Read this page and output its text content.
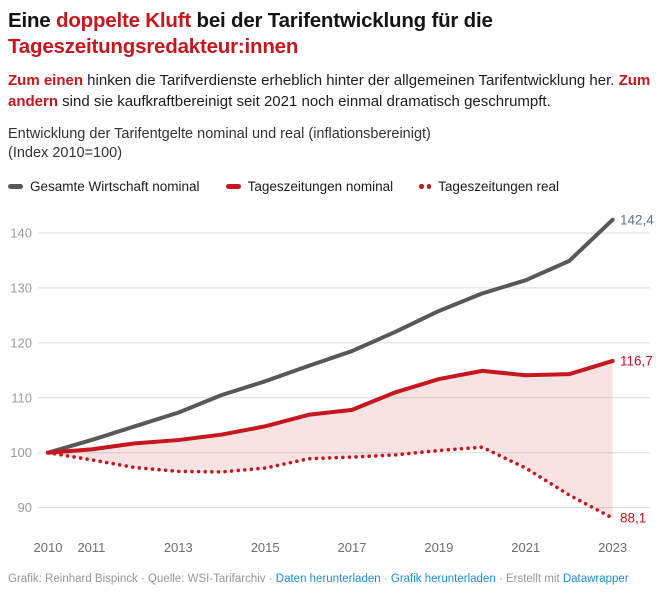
Eine doppelte Kluft bei der Tarifentwicklung für die Tageszeitungsredakteur:innen

Zum einen hinken die Tarifverdienste erheblich hinter der allgemeinen Tarifentwicklung her. Zum
andern sind sie kaufkraftbereinigt seit 2021 noch einmal dramatisch geschrumpft.

Entwicklung der Tarifentgelte nominal und real (inflationsbereinigt)
(Index 2010=100)
Gesamte Wirtschaft nominal	Tageszeitungen nominal	Tageszeitungen real
90
100
110
120
130
140
142,4
116,7
88,1
2010 2011	2013	2015	2017	2019	2021	2023
Grafik: Reinhard Bispinck · Quelle: WSI-Tarifarchiv · Daten herunterladen · Grafik herunterladen · Erstellt mit Datawrapper
